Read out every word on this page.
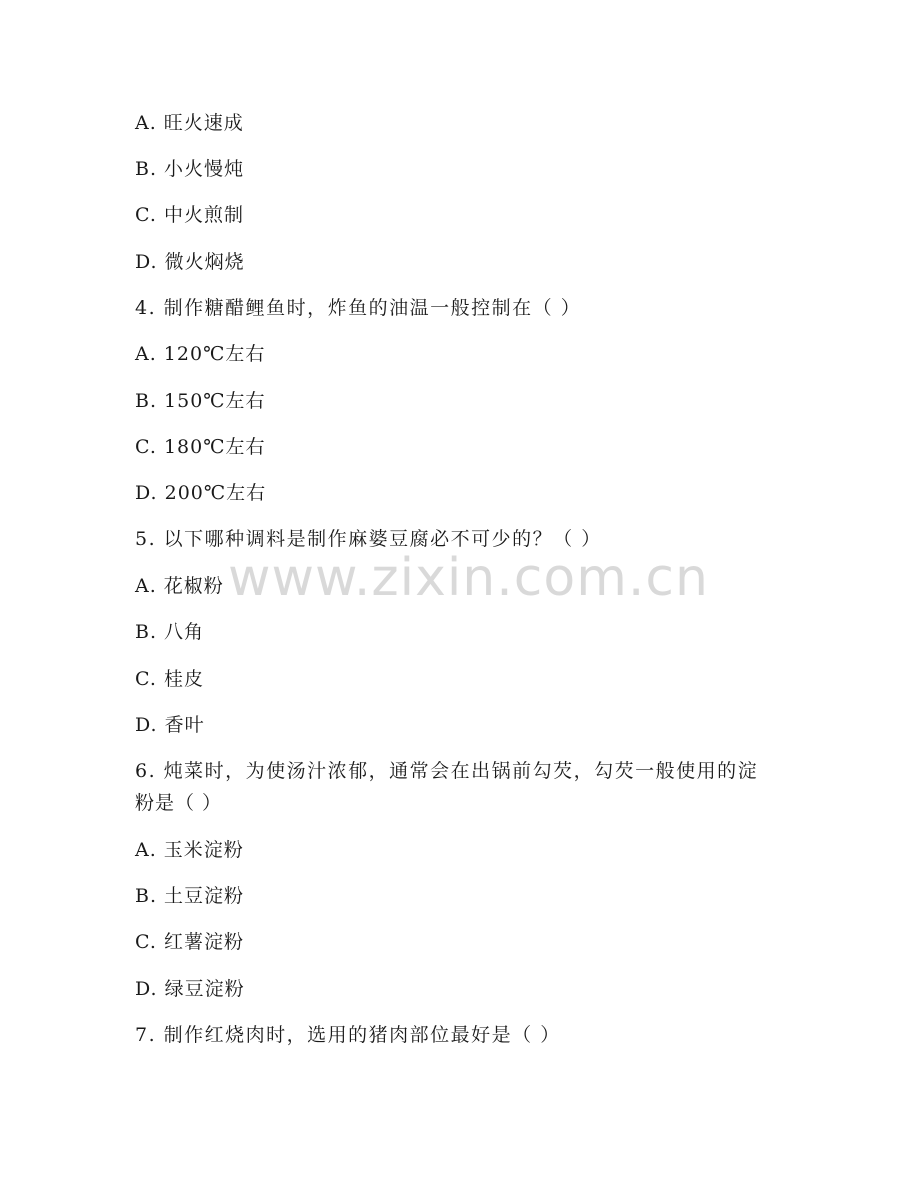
www.zixin.com.cn
A. 旺火速成
B. 小火慢炖
C. 中火煎制
D. 微火焖烧
4. 制作糖醋鲤鱼时，炸鱼的油温一般控制在（ ）
A. 120℃左右
B. 150℃左右
C. 180℃左右
D. 200℃左右
5. 以下哪种调料是制作麻婆豆腐必不可少的？（ ）
A. 花椒粉
B. 八角
C. 桂皮
D. 香叶
6. 炖菜时，为使汤汁浓郁，通常会在出锅前勾芡，勾芡一般使用的淀
粉是（ ）
A. 玉米淀粉
B. 土豆淀粉
C. 红薯淀粉
D. 绿豆淀粉
7. 制作红烧肉时，选用的猪肉部位最好是（ ）
